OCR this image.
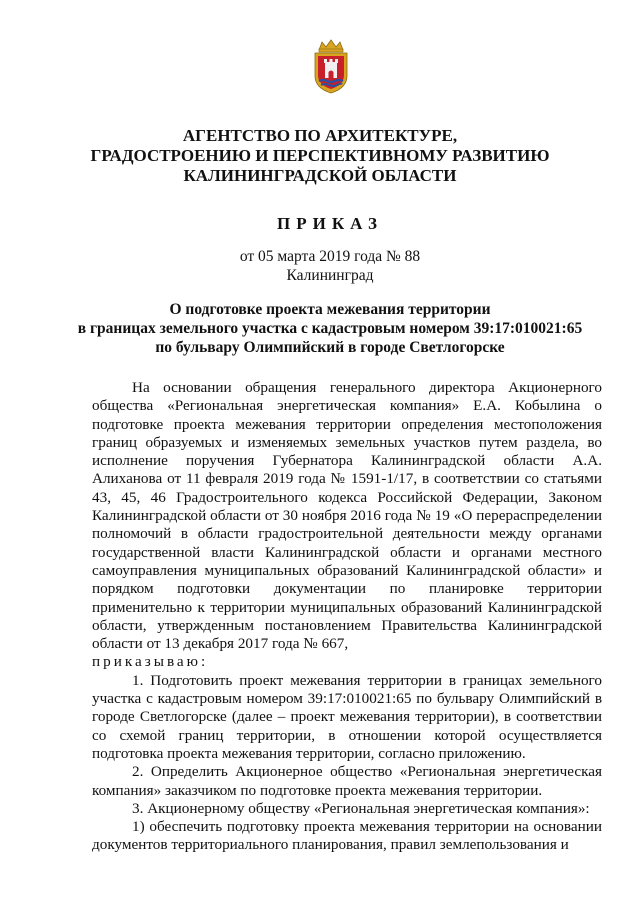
АГЕНТСТВО ПО АРХИТЕКТУРЕ,
ГРАДОСТРОЕНИЮ И ПЕРСПЕКТИВНОМУ РАЗВИТИЮ
КАЛИНИНГРАДСКОЙ ОБЛАСТИ
ПРИКАЗ
от 05 марта 2019 года № 88
Калининград
О подготовке проекта межевания территории
в границах земельного участка с кадастровым номером 39:17:010021:65
по бульвару Олимпийский в городе Светлогорске

На основании обращения генерального директора Акционерного общества «Региональная энергетическая компания» Е.А. Кобылина о подготовке проекта межевания территории определения местоположения границ образуемых и изменяемых земельных участков путем раздела, во исполнение поручения Губернатора Калининградской области А.А. Алиханова от 11 февраля 2019 года № 1591-1/17, в соответствии со статьями 43, 45, 46 Градостроительного кодекса Российской Федерации, Законом Калининградской области от 30 ноября 2016 года № 19 «О перераспределении полномочий в области градостроительной деятельности между органами государственной власти Калининградской области и органами местного самоуправления муниципальных образований Калининградской области» и порядком подготовки документации по планировке территории применительно к территории муниципальных образований Калининградской области, утвержденным постановлением Правительства Калининградской области от 13 декабря 2017 года № 667,

приказываю:

1. Подготовить проект межевания территории в границах земельного участка с кадастровым номером 39:17:010021:65 по бульвару Олимпийский в городе Светлогорске (далее – проект межевания территории), в соответствии со схемой границ территории, в отношении которой осуществляется подготовка проекта межевания территории, согласно приложению.

2. Определить Акционерное общество «Региональная энергетическая компания» заказчиком по подготовке проекта межевания территории.

3. Акционерному обществу «Региональная энергетическая компания»:

1) обеспечить подготовку проекта межевания территории на основании документов территориального планирования, правил землепользования и
